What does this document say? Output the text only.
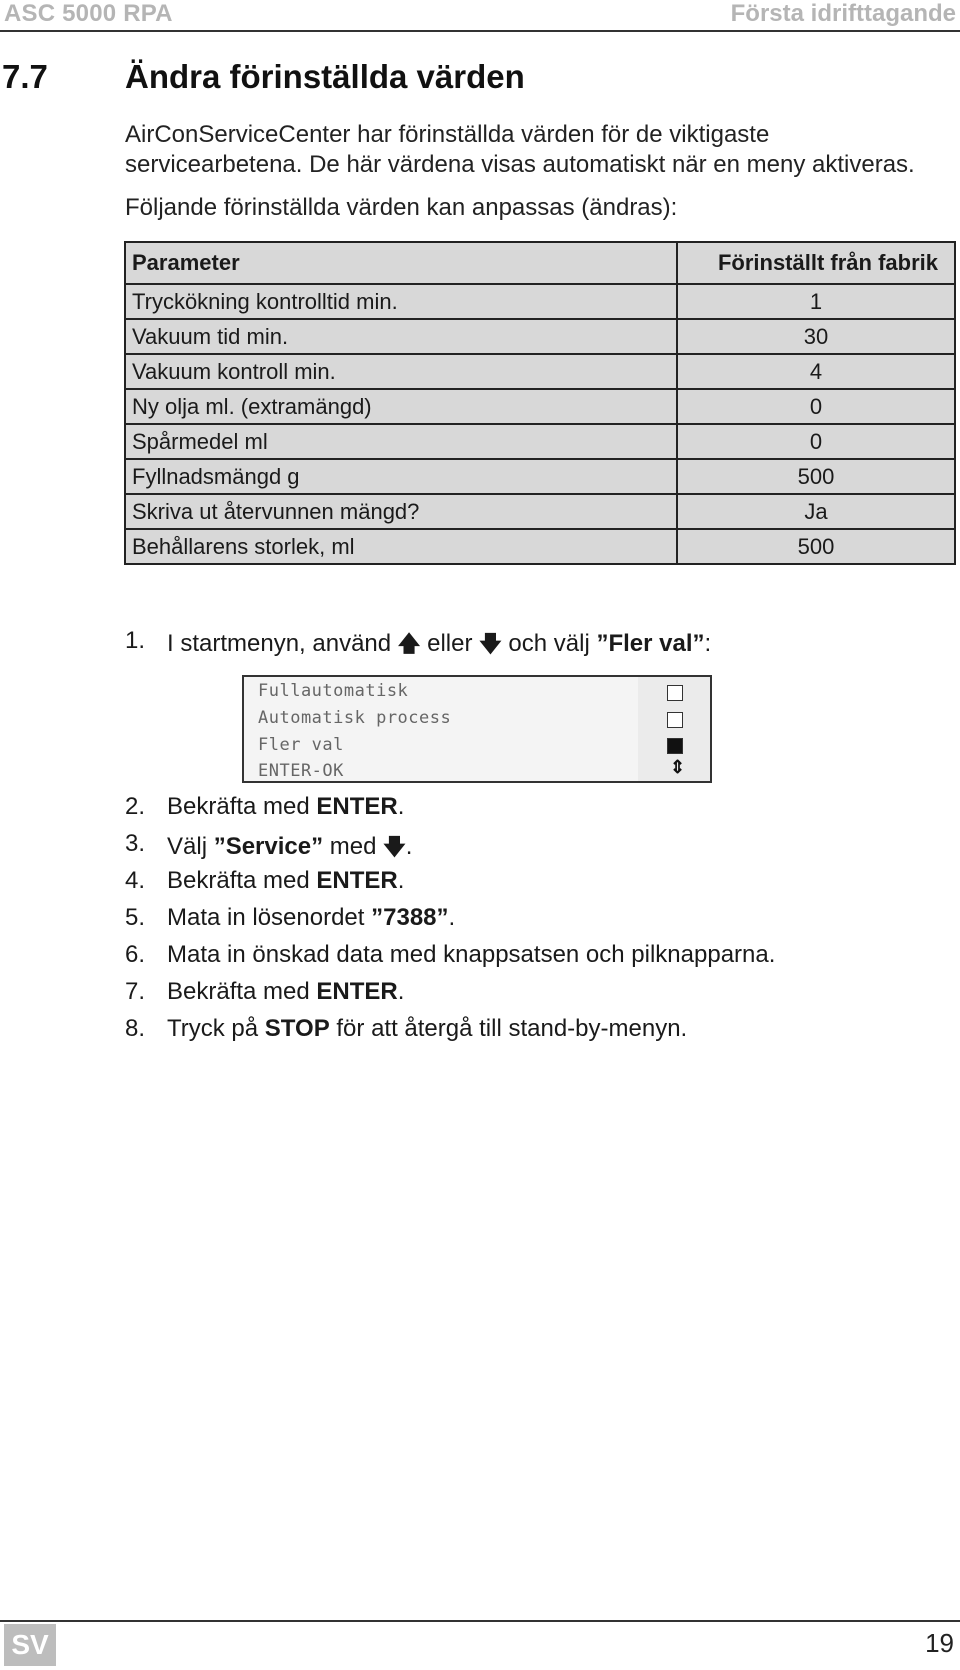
ASC 5000 RPA	Första idrifttagande
7.7 Ändra förinställda värden
AirConServiceCenter har förinställda värden för de viktigaste servicearbetena. De här värdena visas automatiskt när en meny aktiveras.
Följande förinställda värden kan anpassas (ändras):
Parameter	Förinställt från fabrik
Tryckökning kontrolltid min.	1
Vakuum tid min.	30
Vakuum kontroll min.	4
Ny olja ml. (extramängd)	0
Spårmedel ml	0
Fyllnadsmängd g	500
Skriva ut återvunnen mängd?	Ja
Behållarens storlek, ml	500
1. I startmenyn, använd 🡅 eller 🡇 och välj ”Fler val”:
Fullautomatisk
Automatisk process
Fler val
ENTER-OK	⇕
2. Bekräfta med ENTER.
3. Välj ”Service” med 🡇.
4. Bekräfta med ENTER.
5. Mata in lösenordet ”7388”.
6. Mata in önskad data med knappsatsen och pilknapparna.
7. Bekräfta med ENTER.
8. Tryck på STOP för att återgå till stand-by-menyn.
SV	19
